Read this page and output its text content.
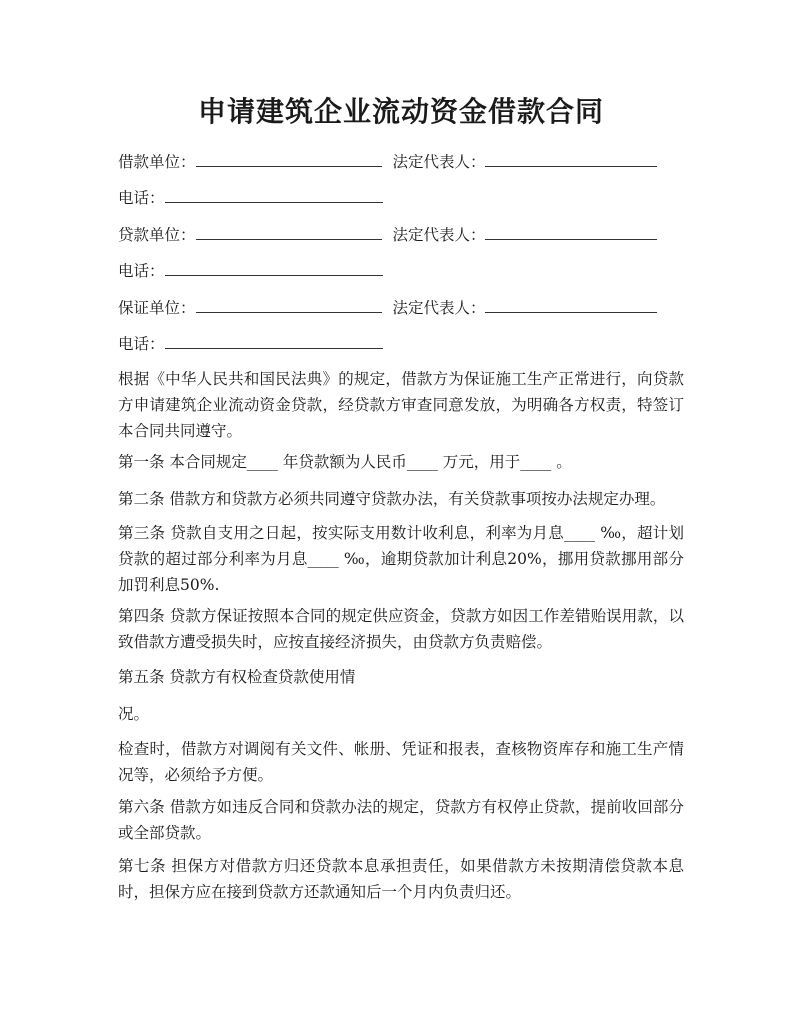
申请建筑企业流动资金借款合同
借款单位：	法定代表人：
电话：
贷款单位：	法定代表人：
电话：
保证单位：	法定代表人：
电话：

根据《中华人民共和国民法典》的规定，借款方为保证施工生产正常进行，向贷款方申请建筑企业流动资金贷款，经贷款方审查同意发放，为明确各方权责，特签订本合同共同遵守。

第一条 本合同规定____ 年贷款额为人民币____ 万元，用于____ 。

第二条 借款方和贷款方必须共同遵守贷款办法，有关贷款事项按办法规定办理。

第三条 贷款自支用之日起，按实际支用数计收利息，利率为月息____ ‰，超计划贷款的超过部分利率为月息____ ‰，逾期贷款加计利息20%，挪用贷款挪用部分加罚利息50%.

第四条 贷款方保证按照本合同的规定供应资金，贷款方如因工作差错贻误用款，以致借款方遭受损失时，应按直接经济损失，由贷款方负责赔偿。

第五条 贷款方有权检查贷款使用情

况。

检查时，借款方对调阅有关文件、帐册、凭证和报表，查核物资库存和施工生产情况等，必须给予方便。

第六条 借款方如违反合同和贷款办法的规定，贷款方有权停止贷款，提前收回部分或全部贷款。

第七条 担保方对借款方归还贷款本息承担责任，如果借款方未按期清偿贷款本息时，担保方应在接到贷款方还款通知后一个月内负责归还。
